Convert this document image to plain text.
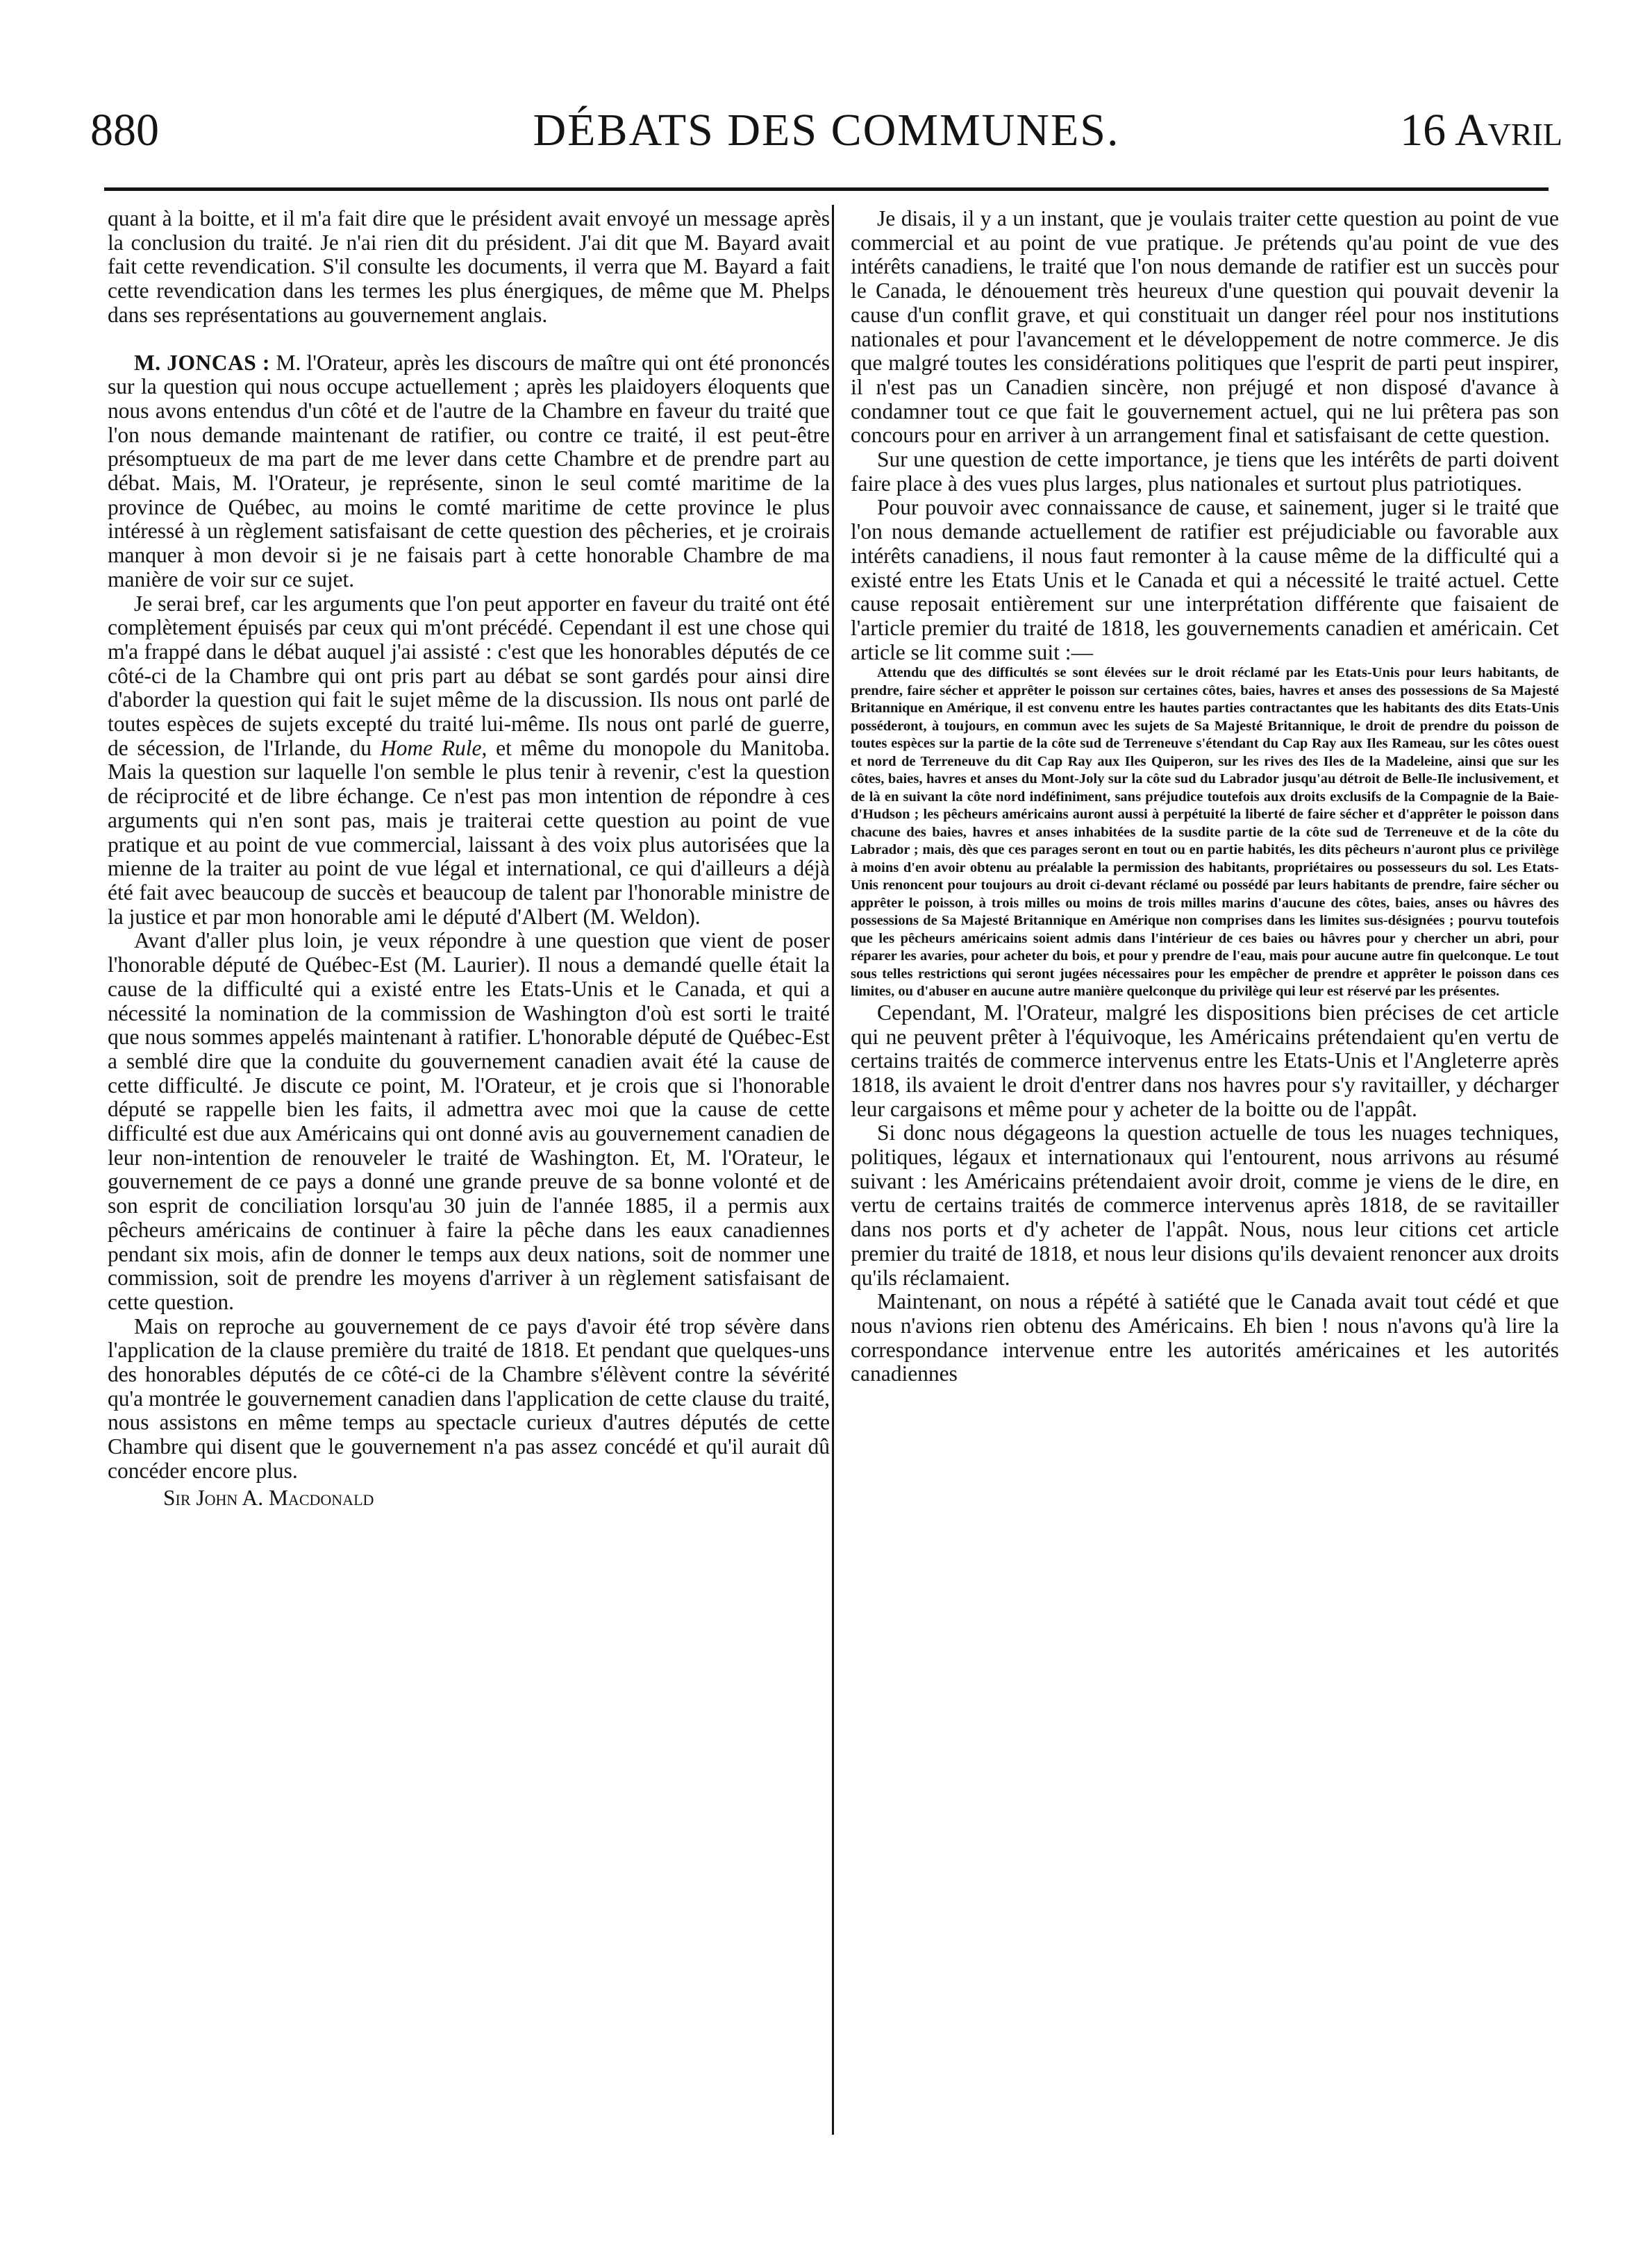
DÉBATS DES COMMUNES.
880	16 Avril

quant à la boitte, et il m'a fait dire que le président avait envoyé un message après la conclusion du traité. Je n'ai rien dit du président. J'ai dit que M. Bayard avait fait cette revendication. S'il consulte les documents, il verra que M. Bayard a fait cette revendication dans les termes les plus énergiques, de même que M. Phelps dans ses représentations au gouvernement anglais.

M. JONCAS : M. l'Orateur, après les discours de maître qui ont été prononcés sur la question qui nous occupe actuellement ; après les plaidoyers éloquents que nous avons entendus d'un côté et de l'autre de la Chambre en faveur du traité que l'on nous demande maintenant de ratifier, ou contre ce traité, il est peut-être présomptueux de ma part de me lever dans cette Chambre et de prendre part au débat. Mais, M. l'Orateur, je représente, sinon le seul comté maritime de la province de Québec, au moins le comté maritime de cette province le plus intéressé à un règlement satisfaisant de cette question des pêcheries, et je croirais manquer à mon devoir si je ne faisais part à cette honorable Chambre de ma manière de voir sur ce sujet.

Je serai bref, car les arguments que l'on peut apporter en faveur du traité ont été complètement épuisés par ceux qui m'ont précédé. Cependant il est une chose qui m'a frappé dans le débat auquel j'ai assisté : c'est que les honorables députés de ce côté-ci de la Chambre qui ont pris part au débat se sont gardés pour ainsi dire d'aborder la question qui fait le sujet même de la discussion. Ils nous ont parlé de toutes espèces de sujets excepté du traité lui-même. Ils nous ont parlé de guerre, de sécession, de l'Irlande, du Home Rule, et même du monopole du Manitoba. Mais la question sur laquelle l'on semble le plus tenir à revenir, c'est la question de réciprocité et de libre échange. Ce n'est pas mon intention de répondre à ces arguments qui n'en sont pas, mais je traiterai cette question au point de vue pratique et au point de vue commercial, laissant à des voix plus autorisées que la mienne de la traiter au point de vue légal et international, ce qui d'ailleurs a déjà été fait avec beaucoup de succès et beaucoup de talent par l'honorable ministre de la justice et par mon honorable ami le député d'Albert (M. Weldon).

Avant d'aller plus loin, je veux répondre à une question que vient de poser l'honorable député de Québec-Est (M. Laurier). Il nous a demandé quelle était la cause de la difficulté qui a existé entre les Etats-Unis et le Canada, et qui a nécessité la nomination de la commission de Washington d'où est sorti le traité que nous sommes appelés maintenant à ratifier. L'honorable député de Québec-Est a semblé dire que la conduite du gouvernement canadien avait été la cause de cette difficulté. Je discute ce point, M. l'Orateur, et je crois que si l'honorable député se rappelle bien les faits, il admettra avec moi que la cause de cette difficulté est due aux Américains qui ont donné avis au gouvernement canadien de leur non-intention de renouveler le traité de Washington. Et, M. l'Orateur, le gouvernement de ce pays a donné une grande preuve de sa bonne volonté et de son esprit de conciliation lorsqu'au 30 juin de l'année 1885, il a permis aux pêcheurs américains de continuer à faire la pêche dans les eaux canadiennes pendant six mois, afin de donner le temps aux deux nations, soit de nommer une commission, soit de prendre les moyens d'arriver à un règlement satisfaisant de cette question.

Mais on reproche au gouvernement de ce pays d'avoir été trop sévère dans l'application de la clause première du traité de 1818. Et pendant que quelques-uns des honorables députés de ce côté-ci de la Chambre s'élèvent contre la sévérité qu'a montrée le gouvernement canadien dans l'application de cette clause du traité, nous assistons en même temps au spectacle curieux d'autres députés de cette Chambre qui disent que le gouvernement n'a pas assez concédé et qu'il aurait dû concéder encore plus.

Sir John A. Macdonald

Je disais, il y a un instant, que je voulais traiter cette question au point de vue commercial et au point de vue pratique. Je prétends qu'au point de vue des intérêts canadiens, le traité que l'on nous demande de ratifier est un succès pour le Canada, le dénouement très heureux d'une question qui pouvait devenir la cause d'un conflit grave, et qui constituait un danger réel pour nos institutions nationales et pour l'avancement et le développement de notre commerce. Je dis que malgré toutes les considérations politiques que l'esprit de parti peut inspirer, il n'est pas un Canadien sincère, non préjugé et non disposé d'avance à condamner tout ce que fait le gouvernement actuel, qui ne lui prêtera pas son concours pour en arriver à un arrangement final et satisfaisant de cette question.

Sur une question de cette importance, je tiens que les intérêts de parti doivent faire place à des vues plus larges, plus nationales et surtout plus patriotiques.

Pour pouvoir avec connaissance de cause, et sainement, juger si le traité que l'on nous demande actuellement de ratifier est préjudiciable ou favorable aux intérêts canadiens, il nous faut remonter à la cause même de la difficulté qui a existé entre les Etats Unis et le Canada et qui a nécessité le traité actuel. Cette cause reposait entièrement sur une interprétation différente que faisaient de l'article premier du traité de 1818, les gouvernements canadien et américain. Cet article se lit comme suit :—

Attendu que des difficultés se sont élevées sur le droit réclamé par les Etats-Unis pour leurs habitants, de prendre, faire sécher et apprêter le poisson sur certaines côtes, baies, havres et anses des possessions de Sa Majesté Britannique en Amérique, il est convenu entre les hautes parties contractantes que les habitants des dits Etats-Unis posséderont, à toujours, en commun avec les sujets de Sa Majesté Britannique, le droit de prendre du poisson de toutes espèces sur la partie de la côte sud de Terreneuve s'étendant du Cap Ray aux Iles Rameau, sur les côtes ouest et nord de Terreneuve du dit Cap Ray aux Iles Quiperon, sur les rives des Iles de la Madeleine, ainsi que sur les côtes, baies, havres et anses du Mont-Joly sur la côte sud du Labrador jusqu'au détroit de Belle-Ile inclusivement, et de là en suivant la côte nord indéfiniment, sans préjudice toutefois aux droits exclusifs de la Compagnie de la Baie-d'Hudson ; les pêcheurs américains auront aussi à perpétuité la liberté de faire sécher et d'apprêter le poisson dans chacune des baies, havres et anses inhabitées de la susdite partie de la côte sud de Terreneuve et de la côte du Labrador ; mais, dès que ces parages seront en tout ou en partie habités, les dits pêcheurs n'auront plus ce privilège à moins d'en avoir obtenu au préalable la permission des habitants, propriétaires ou possesseurs du sol. Les Etats-Unis renoncent pour toujours au droit ci-devant réclamé ou possédé par leurs habitants de prendre, faire sécher ou apprêter le poisson, à trois milles ou moins de trois milles marins d'aucune des côtes, baies, anses ou hâvres des possessions de Sa Majesté Britannique en Amérique non comprises dans les limites sus-désignées ; pourvu toutefois que les pêcheurs américains soient admis dans l'intérieur de ces baies ou hâvres pour y chercher un abri, pour réparer les avaries, pour acheter du bois, et pour y prendre de l'eau, mais pour aucune autre fin quelconque. Le tout sous telles restrictions qui seront jugées nécessaires pour les empêcher de prendre et apprêter le poisson dans ces limites, ou d'abuser en aucune autre manière quelconque du privilège qui leur est réservé par les présentes.

Cependant, M. l'Orateur, malgré les dispositions bien précises de cet article qui ne peuvent prêter à l'équivoque, les Américains prétendaient qu'en vertu de certains traités de commerce intervenus entre les Etats-Unis et l'Angleterre après 1818, ils avaient le droit d'entrer dans nos havres pour s'y ravitailler, y décharger leur cargaisons et même pour y acheter de la boitte ou de l'appât.

Si donc nous dégageons la question actuelle de tous les nuages techniques, politiques, légaux et internationaux qui l'entourent, nous arrivons au résumé suivant : les Américains prétendaient avoir droit, comme je viens de le dire, en vertu de certains traités de commerce intervenus après 1818, de se ravitailler dans nos ports et d'y acheter de l'appât. Nous, nous leur citions cet article premier du traité de 1818, et nous leur disions qu'ils devaient renoncer aux droits qu'ils réclamaient.

Maintenant, on nous a répété à satiété que le Canada avait tout cédé et que nous n'avions rien obtenu des Américains. Eh bien ! nous n'avons qu'à lire la correspondance intervenue entre les autorités américaines et les autorités canadiennes
